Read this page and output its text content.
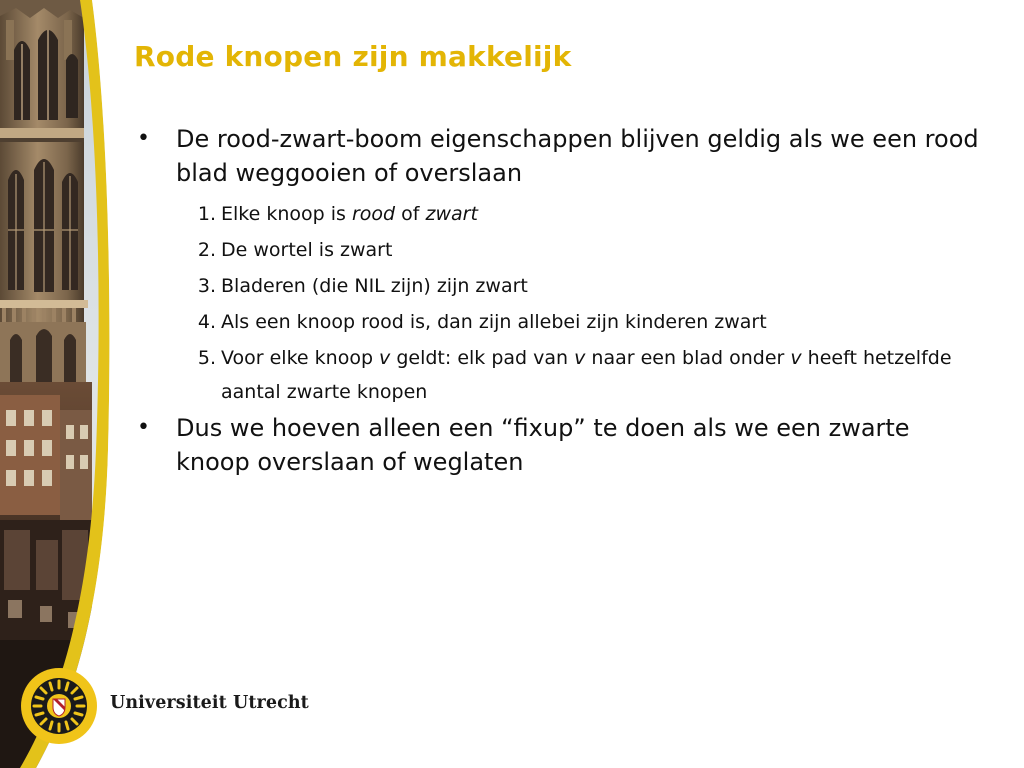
Rode knopen zijn makkelijk
• De rood-zwart-boom eigenschappen blijven geldig als we een rood blad weggooien of overslaan
1. Elke knoop is rood of zwart
2. De wortel is zwart
3. Bladeren (die NIL zijn) zijn zwart
4. Als een knoop rood is, dan zijn allebei zijn kinderen zwart
5. Voor elke knoop v geldt: elk pad van v naar een blad onder v heeft hetzelfde aantal zwarte knopen
• Dus we hoeven alleen een “fixup” te doen als we een zwarte knoop overslaan of weglaten
Universiteit Utrecht
